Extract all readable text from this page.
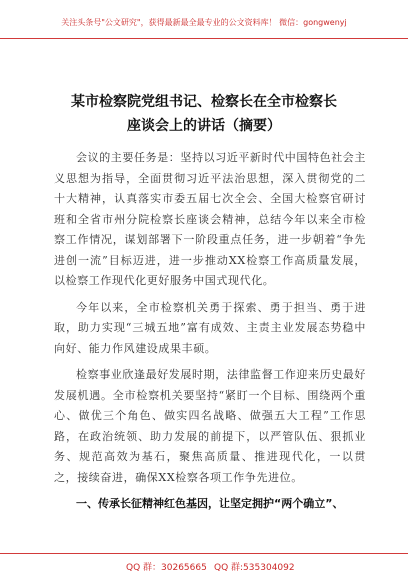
关注头条号"公文研究"，获得最新最全最专业的公文资料库！ 微信：gongwenyj
某市检察院党组书记、检察长在全市检察长
座谈会上的讲话（摘要）

会议的主要任务是：坚持以习近平新时代中国特色社会主义思想为指导，全面贯彻习近平法治思想，深入贯彻党的二十大精神，认真落实市委五届七次全会、全国大检察官研讨班和全省市州分院检察长座谈会精神，总结今年以来全市检察工作情况，谋划部署下一阶段重点任务，进一步朝着“争先进创一流”目标迈进，进一步推动XX检察工作高质量发展，以检察工作现代化更好服务中国式现代化。

今年以来，全市检察机关勇于探索、勇于担当、勇于进取，助力实现“三城五地”富有成效、主责主业发展态势稳中向好、能力作风建设成果丰硕。

检察事业欣逢最好发展时期，法律监督工作迎来历史最好发展机遇。全市检察机关要坚持“紧盯一个目标、围绕两个重心、做优三个角色、做实四名战略、做强五大工程”工作思路，在政治统领、助力发展的前提下，以严管队伍、狠抓业务、规范高效为基石，聚焦高质量、推进现代化，一以贯之，接续奋进，确保XX检察各项工作争先进位。

一、传承长征精神红色基因，让坚定拥护“两个确立”、

QQ 群：30265665 QQ 群:535304092
